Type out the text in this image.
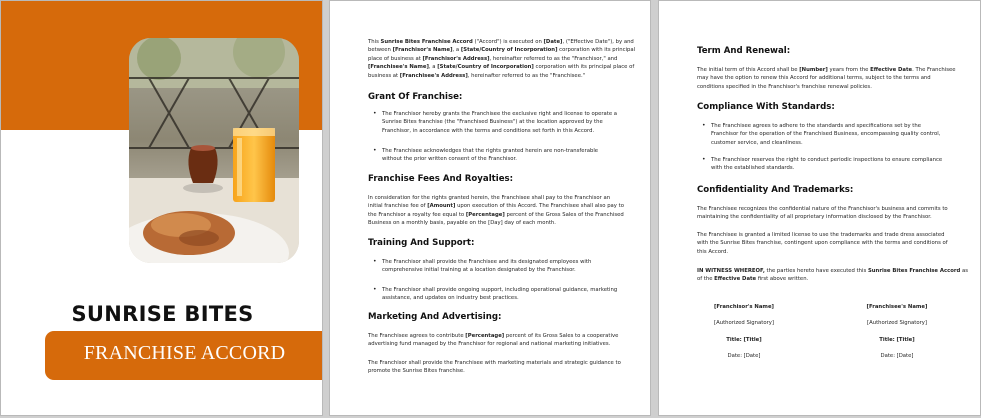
SUNRISE BITES
FRANCHISE ACCORD

This Sunrise Bites Franchise Accord ("Accord") is executed on [Date], ("Effective Date"), by and

between [Franchisor's Name], a [State/Country of Incorporation] corporation with its principal

place of business at [Franchisor's Address], hereinafter referred to as the "Franchisor," and

[Franchisee's Name], a [State/Country of Incorporation] corporation with its principal place of

business at [Franchisee's Address], hereinafter referred to as the "Franchisee."

Grant Of Franchise:

• The Franchisor hereby grants the Franchisee the exclusive right and license to operate a

Sunrise Bites franchise (the "Franchised Business") at the location approved by the

Franchisor, in accordance with the terms and conditions set forth in this Accord.

• The Franchisee acknowledges that the rights granted herein are non-transferable

without the prior written consent of the Franchisor.

Franchise Fees And Royalties:

In consideration for the rights granted herein, the Franchisee shall pay to the Franchisor an

initial franchise fee of [Amount] upon execution of this Accord. The Franchisee shall also pay to

the Franchisor a royalty fee equal to [Percentage] percent of the Gross Sales of the Franchised

Business on a monthly basis, payable on the [Day] day of each month.

Training And Support:

• The Franchisor shall provide the Franchisee and its designated employees with

comprehensive initial training at a location designated by the Franchisor.

• The Franchisor shall provide ongoing support, including operational guidance, marketing

assistance, and updates on industry best practices.

Marketing And Advertising:

The Franchisee agrees to contribute [Percentage] percent of its Gross Sales to a cooperative

advertising fund managed by the Franchisor for regional and national marketing initiatives.

The Franchisor shall provide the Franchisee with marketing materials and strategic guidance to

promote the Sunrise Bites franchise.

Term And Renewal:

The initial term of this Accord shall be [Number] years from the Effective Date. The Franchisee

may have the option to renew this Accord for additional terms, subject to the terms and

conditions specified in the Franchisor's franchise renewal policies.

Compliance With Standards:

• The Franchisee agrees to adhere to the standards and specifications set by the

Franchisor for the operation of the Franchised Business, encompassing quality control,

customer service, and cleanliness.

• The Franchisor reserves the right to conduct periodic inspections to ensure compliance

with the established standards.

Confidentiality And Trademarks:

The Franchisee recognizes the confidential nature of the Franchisor's business and commits to

maintaining the confidentiality of all proprietary information disclosed by the Franchisor.

The Franchisee is granted a limited license to use the trademarks and trade dress associated

with the Sunrise Bites franchise, contingent upon compliance with the terms and conditions of

this Accord.

IN WITNESS WHEREOF, the parties hereto have executed this Sunrise Bites Franchise Accord as

of the Effective Date first above written.

[Franchisor's Name]

[Authorized Signatory]

Title: [Title]

Date: [Date]

[Franchisee's Name]

[Authorized Signatory]

Title: [Title]

Date: [Date]
